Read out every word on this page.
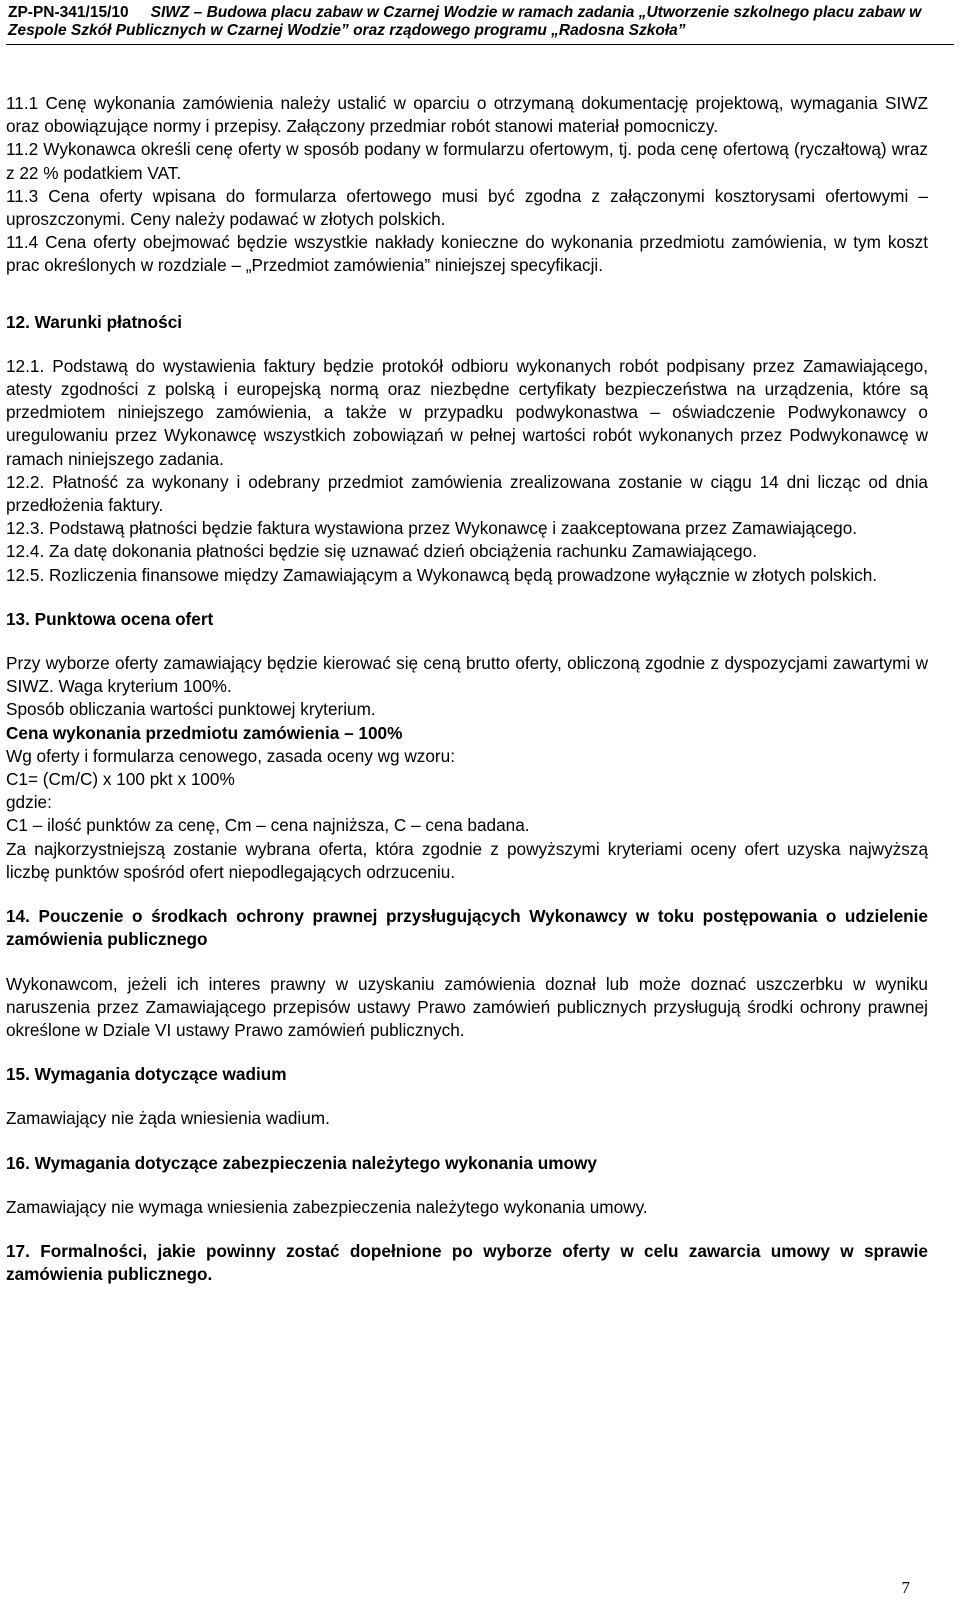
ZP-PN-341/15/10 SIWZ – Budowa placu zabaw w Czarnej Wodzie w ramach zadania „Utworzenie szkolnego placu zabaw w
Zespole Szkół Publicznych w Czarnej Wodzie” oraz rządowego programu „Radosna Szkoła”

11.1 Cenę wykonania zamówienia należy ustalić w oparciu o otrzymaną dokumentację projektową, wymagania SIWZ oraz obowiązujące normy i przepisy. Załączony przedmiar robót stanowi materiał pomocniczy.

11.2 Wykonawca określi cenę oferty w sposób podany w formularzu ofertowym, tj. poda cenę ofertową (ryczałtową) wraz z 22 % podatkiem VAT.

11.3 Cena oferty wpisana do formularza ofertowego musi być zgodna z załączonymi kosztorysami ofertowymi – uproszczonymi. Ceny należy podawać w złotych polskich.

11.4 Cena oferty obejmować będzie wszystkie nakłady konieczne do wykonania przedmiotu zamówienia, w tym koszt prac określonych w rozdziale – „Przedmiot zamówienia” niniejszej specyfikacji.

12. Warunki płatności

12.1. Podstawą do wystawienia faktury będzie protokół odbioru wykonanych robót podpisany przez Zamawiającego, atesty zgodności z polską i europejską normą oraz niezbędne certyfikaty bezpieczeństwa na urządzenia, które są przedmiotem niniejszego zamówienia, a także w przypadku podwykonastwa – oświadczenie Podwykonawcy o uregulowaniu przez Wykonawcę wszystkich zobowiązań w pełnej wartości robót wykonanych przez Podwykonawcę w ramach niniejszego zadania.

12.2. Płatność za wykonany i odebrany przedmiot zamówienia zrealizowana zostanie w ciągu 14 dni licząc od dnia przedłożenia faktury.

12.3. Podstawą płatności będzie faktura wystawiona przez Wykonawcę i zaakceptowana przez Zamawiającego.

12.4. Za datę dokonania płatności będzie się uznawać dzień obciążenia rachunku Zamawiającego.

12.5. Rozliczenia finansowe między Zamawiającym a Wykonawcą będą prowadzone wyłącznie w złotych polskich.

13. Punktowa ocena ofert

Przy wyborze oferty zamawiający będzie kierować się ceną brutto oferty, obliczoną zgodnie z dyspozycjami zawartymi w SIWZ. Waga kryterium 100%.

Sposób obliczania wartości punktowej kryterium.

Cena wykonania przedmiotu zamówienia – 100%

Wg oferty i formularza cenowego, zasada oceny wg wzoru:

C1= (Cm/C) x 100 pkt x 100%

gdzie:

C1 – ilość punktów za cenę, Cm – cena najniższa, C – cena badana.

Za najkorzystniejszą zostanie wybrana oferta, która zgodnie z powyższymi kryteriami oceny ofert uzyska najwyższą liczbę punktów spośród ofert niepodlegających odrzuceniu.

14. Pouczenie o środkach ochrony prawnej przysługujących Wykonawcy w toku postępowania o udzielenie zamówienia publicznego

Wykonawcom, jeżeli ich interes prawny w uzyskaniu zamówienia doznał lub może doznać uszczerbku w wyniku naruszenia przez Zamawiającego przepisów ustawy Prawo zamówień publicznych przysługują środki ochrony prawnej określone w Dziale VI ustawy Prawo zamówień publicznych.

15. Wymagania dotyczące wadium

Zamawiający nie żąda wniesienia wadium.

16. Wymagania dotyczące zabezpieczenia należytego wykonania umowy

Zamawiający nie wymaga wniesienia zabezpieczenia należytego wykonania umowy.

17. Formalności, jakie powinny zostać dopełnione po wyborze oferty w celu zawarcia umowy w sprawie zamówienia publicznego.

7
